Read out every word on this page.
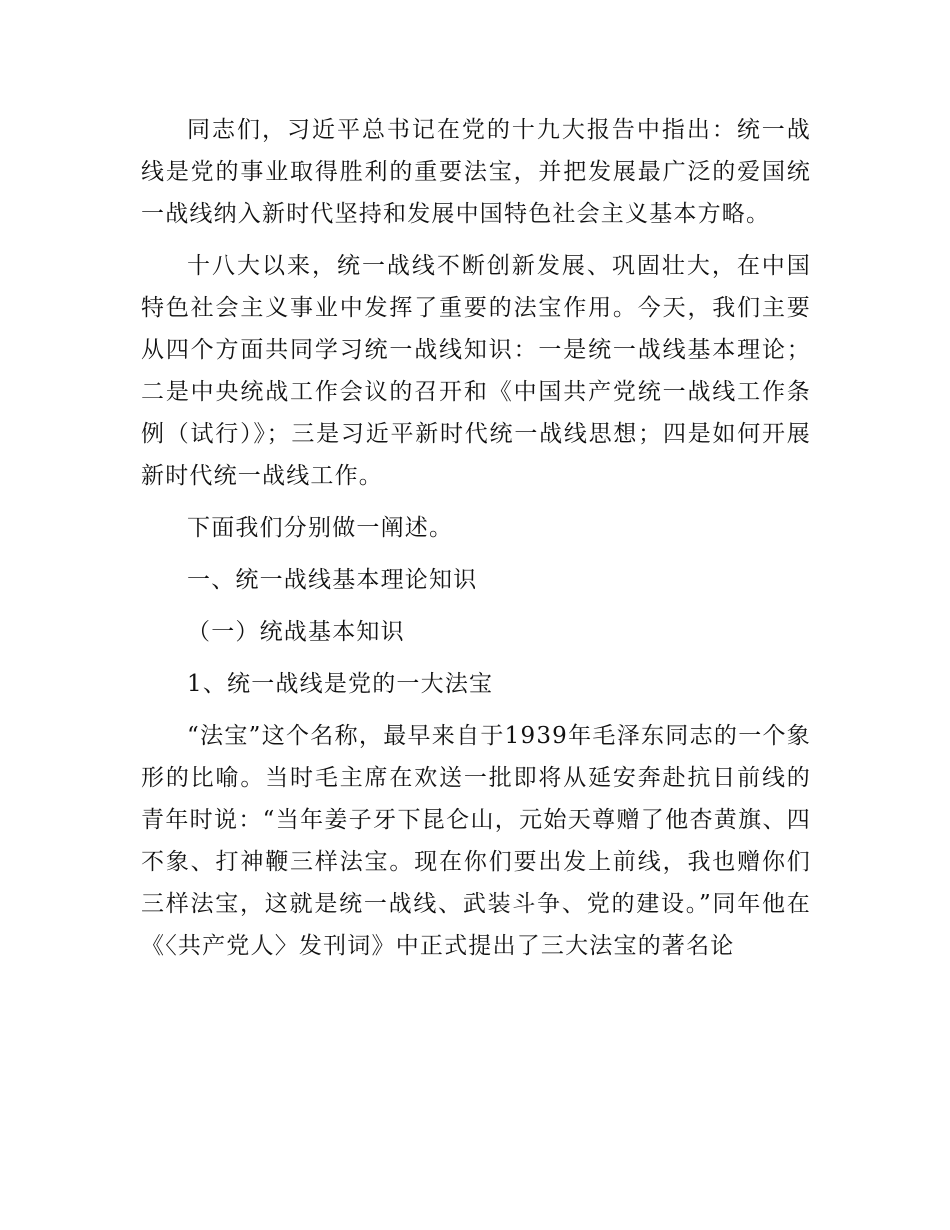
同志们，习近平总书记在党的十九大报告中指出：统一战线是党的事业取得胜利的重要法宝，并把发展最广泛的爱国统一战线纳入新时代坚持和发展中国特色社会主义基本方略。

十八大以来，统一战线不断创新发展、巩固壮大，在中国特色社会主义事业中发挥了重要的法宝作用。今天，我们主要从四个方面共同学习统一战线知识：一是统一战线基本理论；二是中央统战工作会议的召开和《中国共产党统一战线工作条例（试行）》；三是习近平新时代统一战线思想；四是如何开展新时代统一战线工作。

下面我们分别做一阐述。

一、统一战线基本理论知识

（一）统战基本知识

1、统一战线是党的一大法宝

“法宝”这个名称，最早来自于1939年毛泽东同志的一个象形的比喻。当时毛主席在欢送一批即将从延安奔赴抗日前线的青年时说：“当年姜子牙下昆仑山，元始天尊赠了他杏黄旗、四不象、打神鞭三样法宝。现在你们要出发上前线，我也赠你们三样法宝，这就是统一战线、武装斗争、党的建设。”同年他在《〈共产党人〉发刊词》中正式提出了三大法宝的著名论
